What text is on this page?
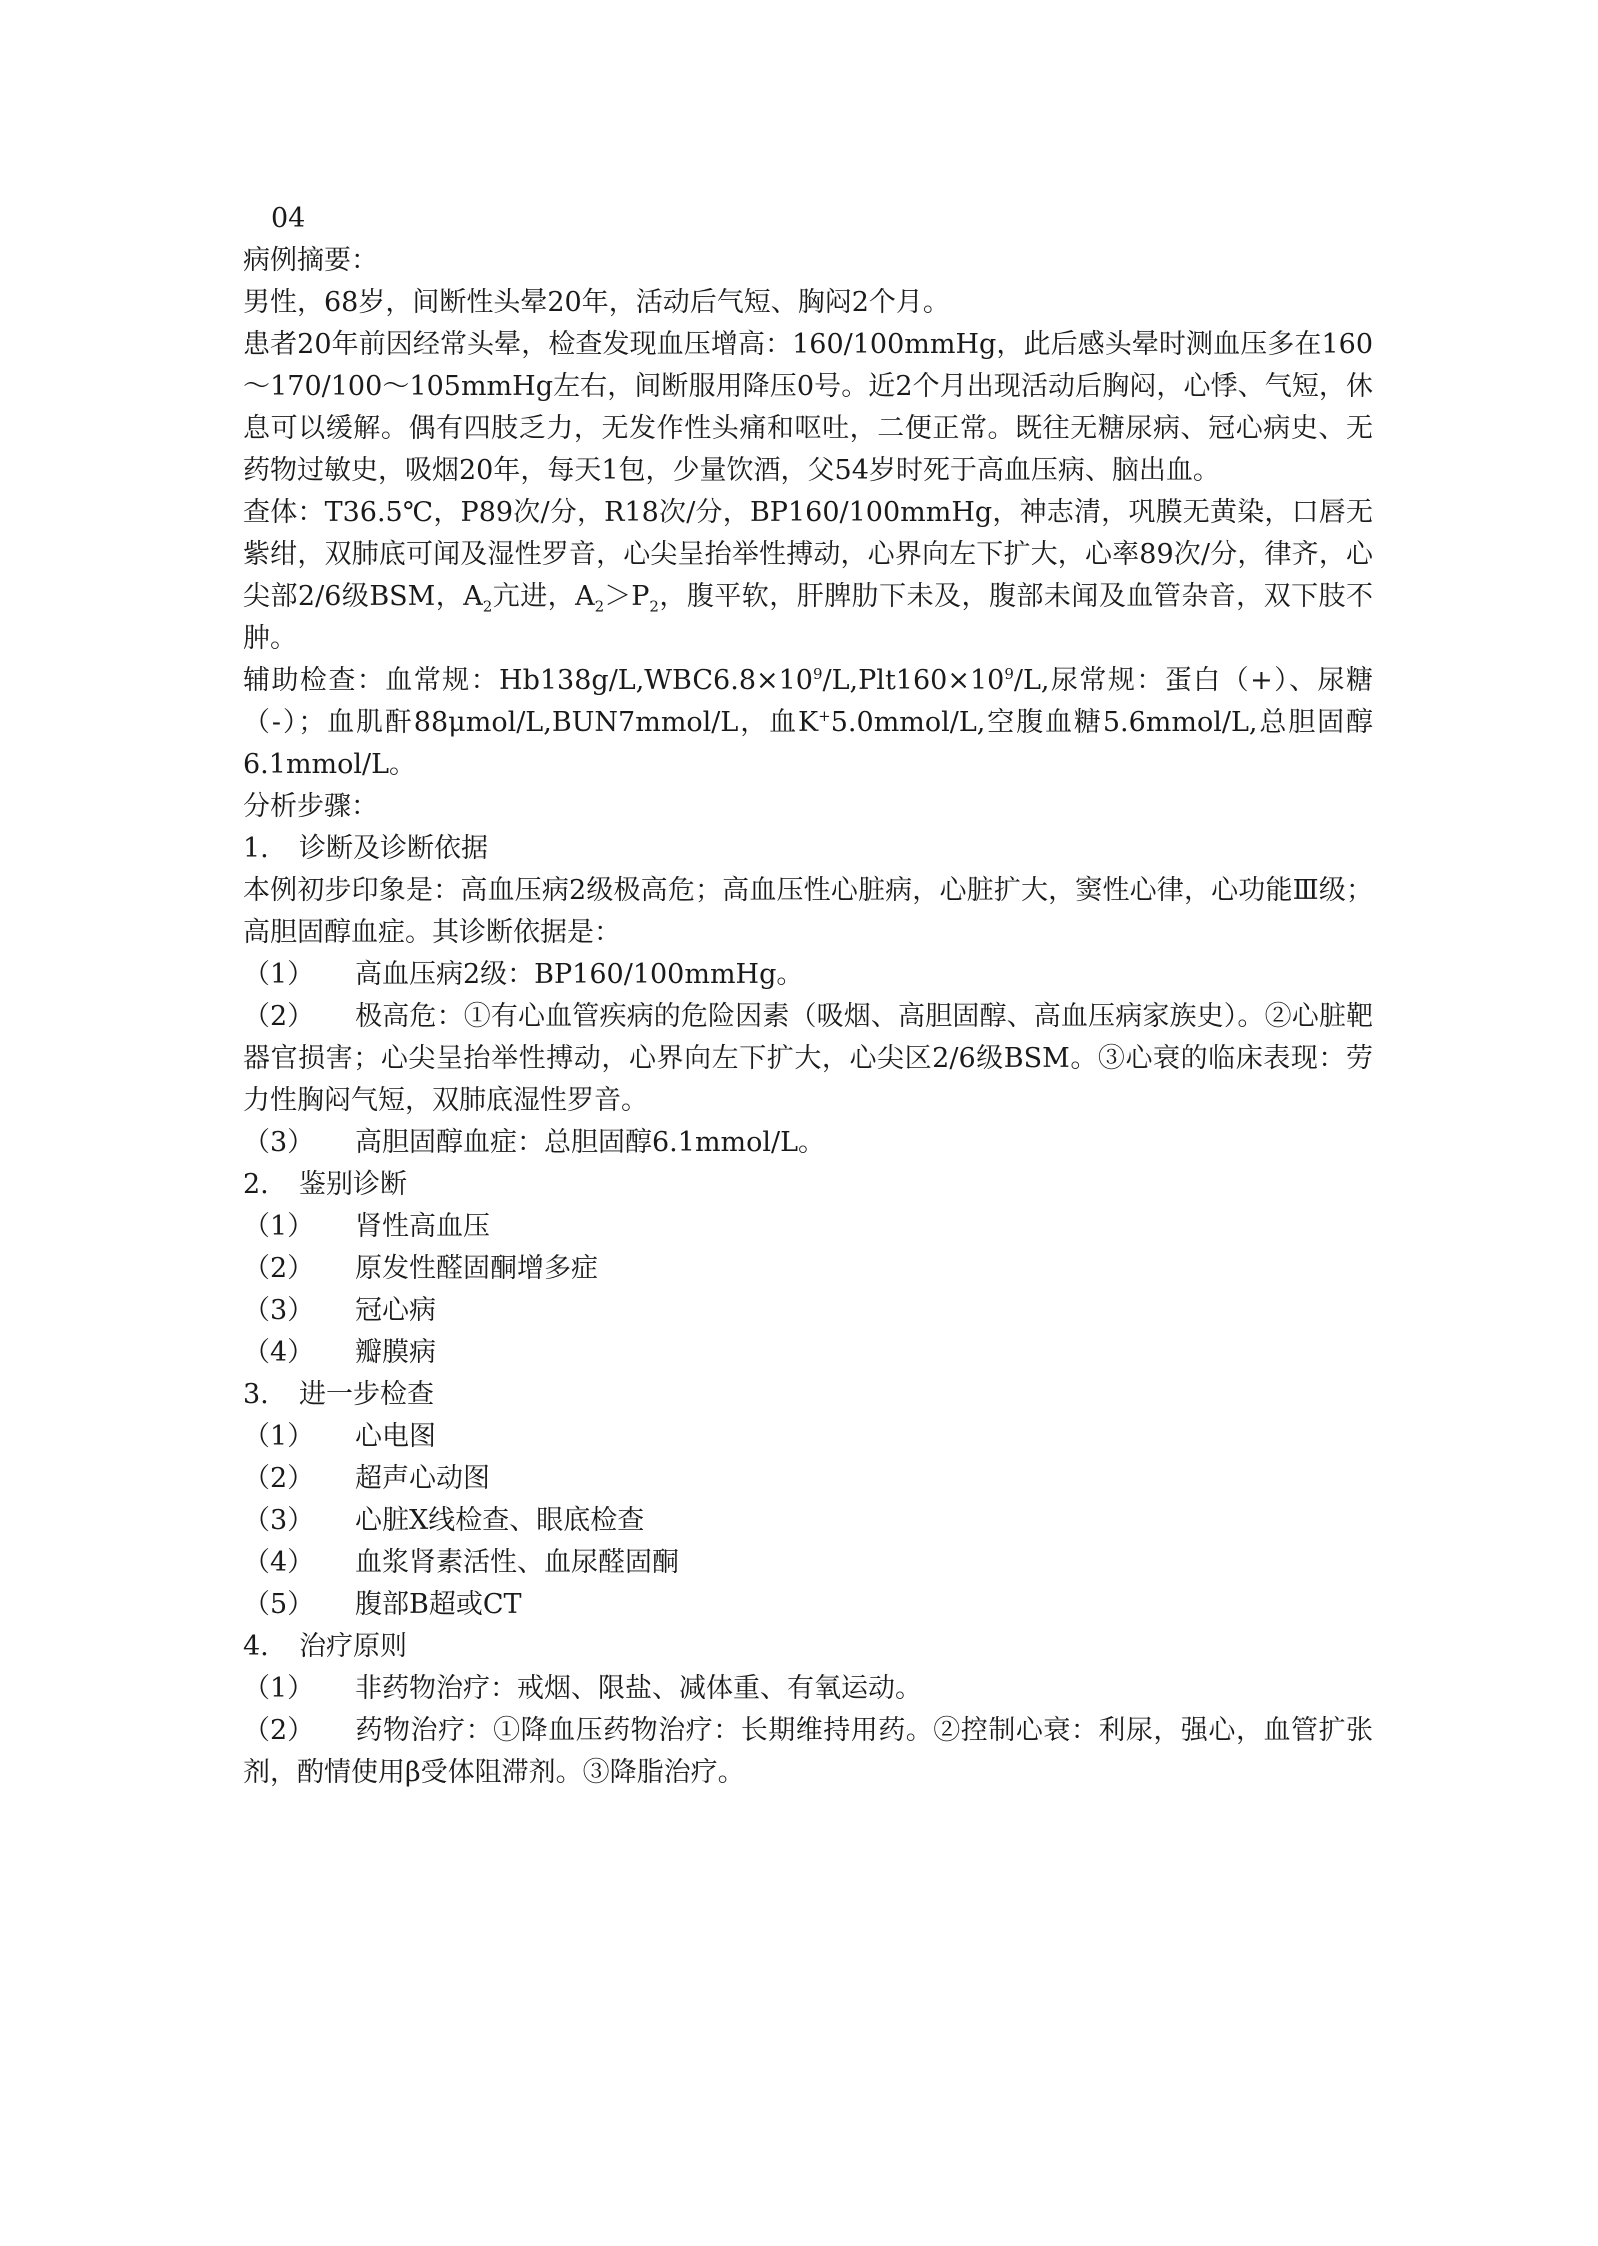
04
病例摘要：
男性，68岁，间断性头晕20年，活动后气短、胸闷2个月。
患者20年前因经常头晕，检查发现血压增高：160/100mmHg，此后感头晕时测血压多在160～170/100～105mmHg左右，间断服用降压0号。近2个月出现活动后胸闷，心悸、气短，休息可以缓解。偶有四肢乏力，无发作性头痛和呕吐，二便正常。既往无糖尿病、冠心病史、无药物过敏史，吸烟20年，每天1包，少量饮酒，父54岁时死于高血压病、脑出血。
查体：T36.5℃，P89次/分，R18次/分，BP160/100mmHg，神志清，巩膜无黄染，口唇无紫绀，双肺底可闻及湿性罗音，心尖呈抬举性搏动，心界向左下扩大，心率89次/分，律齐，心尖部2/6级BSM，$A_2$亢进，$A_2>P_2$，腹平软，肝脾肋下未及，腹部未闻及血管杂音，双下肢不肿。
辅助检查：血常规：$Hb138g/L,WBC6.8\times 10^9/L,Plt160\times 10^9/L$,尿常规：蛋白（+）、尿糖（-）；血肌酐88μmol/L,BUN7mmol/L，血K+5.0mmol/L,空腹血糖5.6mmol/L,总胆固醇6.1mmol/L。
分析步骤：
1. 诊断及诊断依据
本例初步印象是：高血压病2级极高危；高血压性心脏病，心脏扩大，窦性心律，心功能Ⅲ级；高胆固醇血症。其诊断依据是：
（1） 高血压病2级：BP160/100mmHg。
（2） 极高危：①有心血管疾病的危险因素（吸烟、高胆固醇、高血压病家族史）。②心脏靶器官损害；心尖呈抬举性搏动，心界向左下扩大，心尖区2/6级BSM。③心衰的临床表现：劳力性胸闷气短，双肺底湿性罗音。
（3） 高胆固醇血症：总胆固醇6.1mmol/L。
2. 鉴别诊断
（1） 肾性高血压
（2） 原发性醛固酮增多症
（3） 冠心病
（4） 瓣膜病
3. 进一步检查
（1） 心电图
（2） 超声心动图
（3） 心脏X线检查、眼底检查
（4） 血浆肾素活性、血尿醛固酮
（5） 腹部B超或CT
4. 治疗原则
（1） 非药物治疗：戒烟、限盐、减体重、有氧运动。
（2） 药物治疗：①降血压药物治疗：长期维持用药。②控制心衰：利尿，强心，血管扩张剂，酌情使用β受体阻滞剂。③降脂治疗。
